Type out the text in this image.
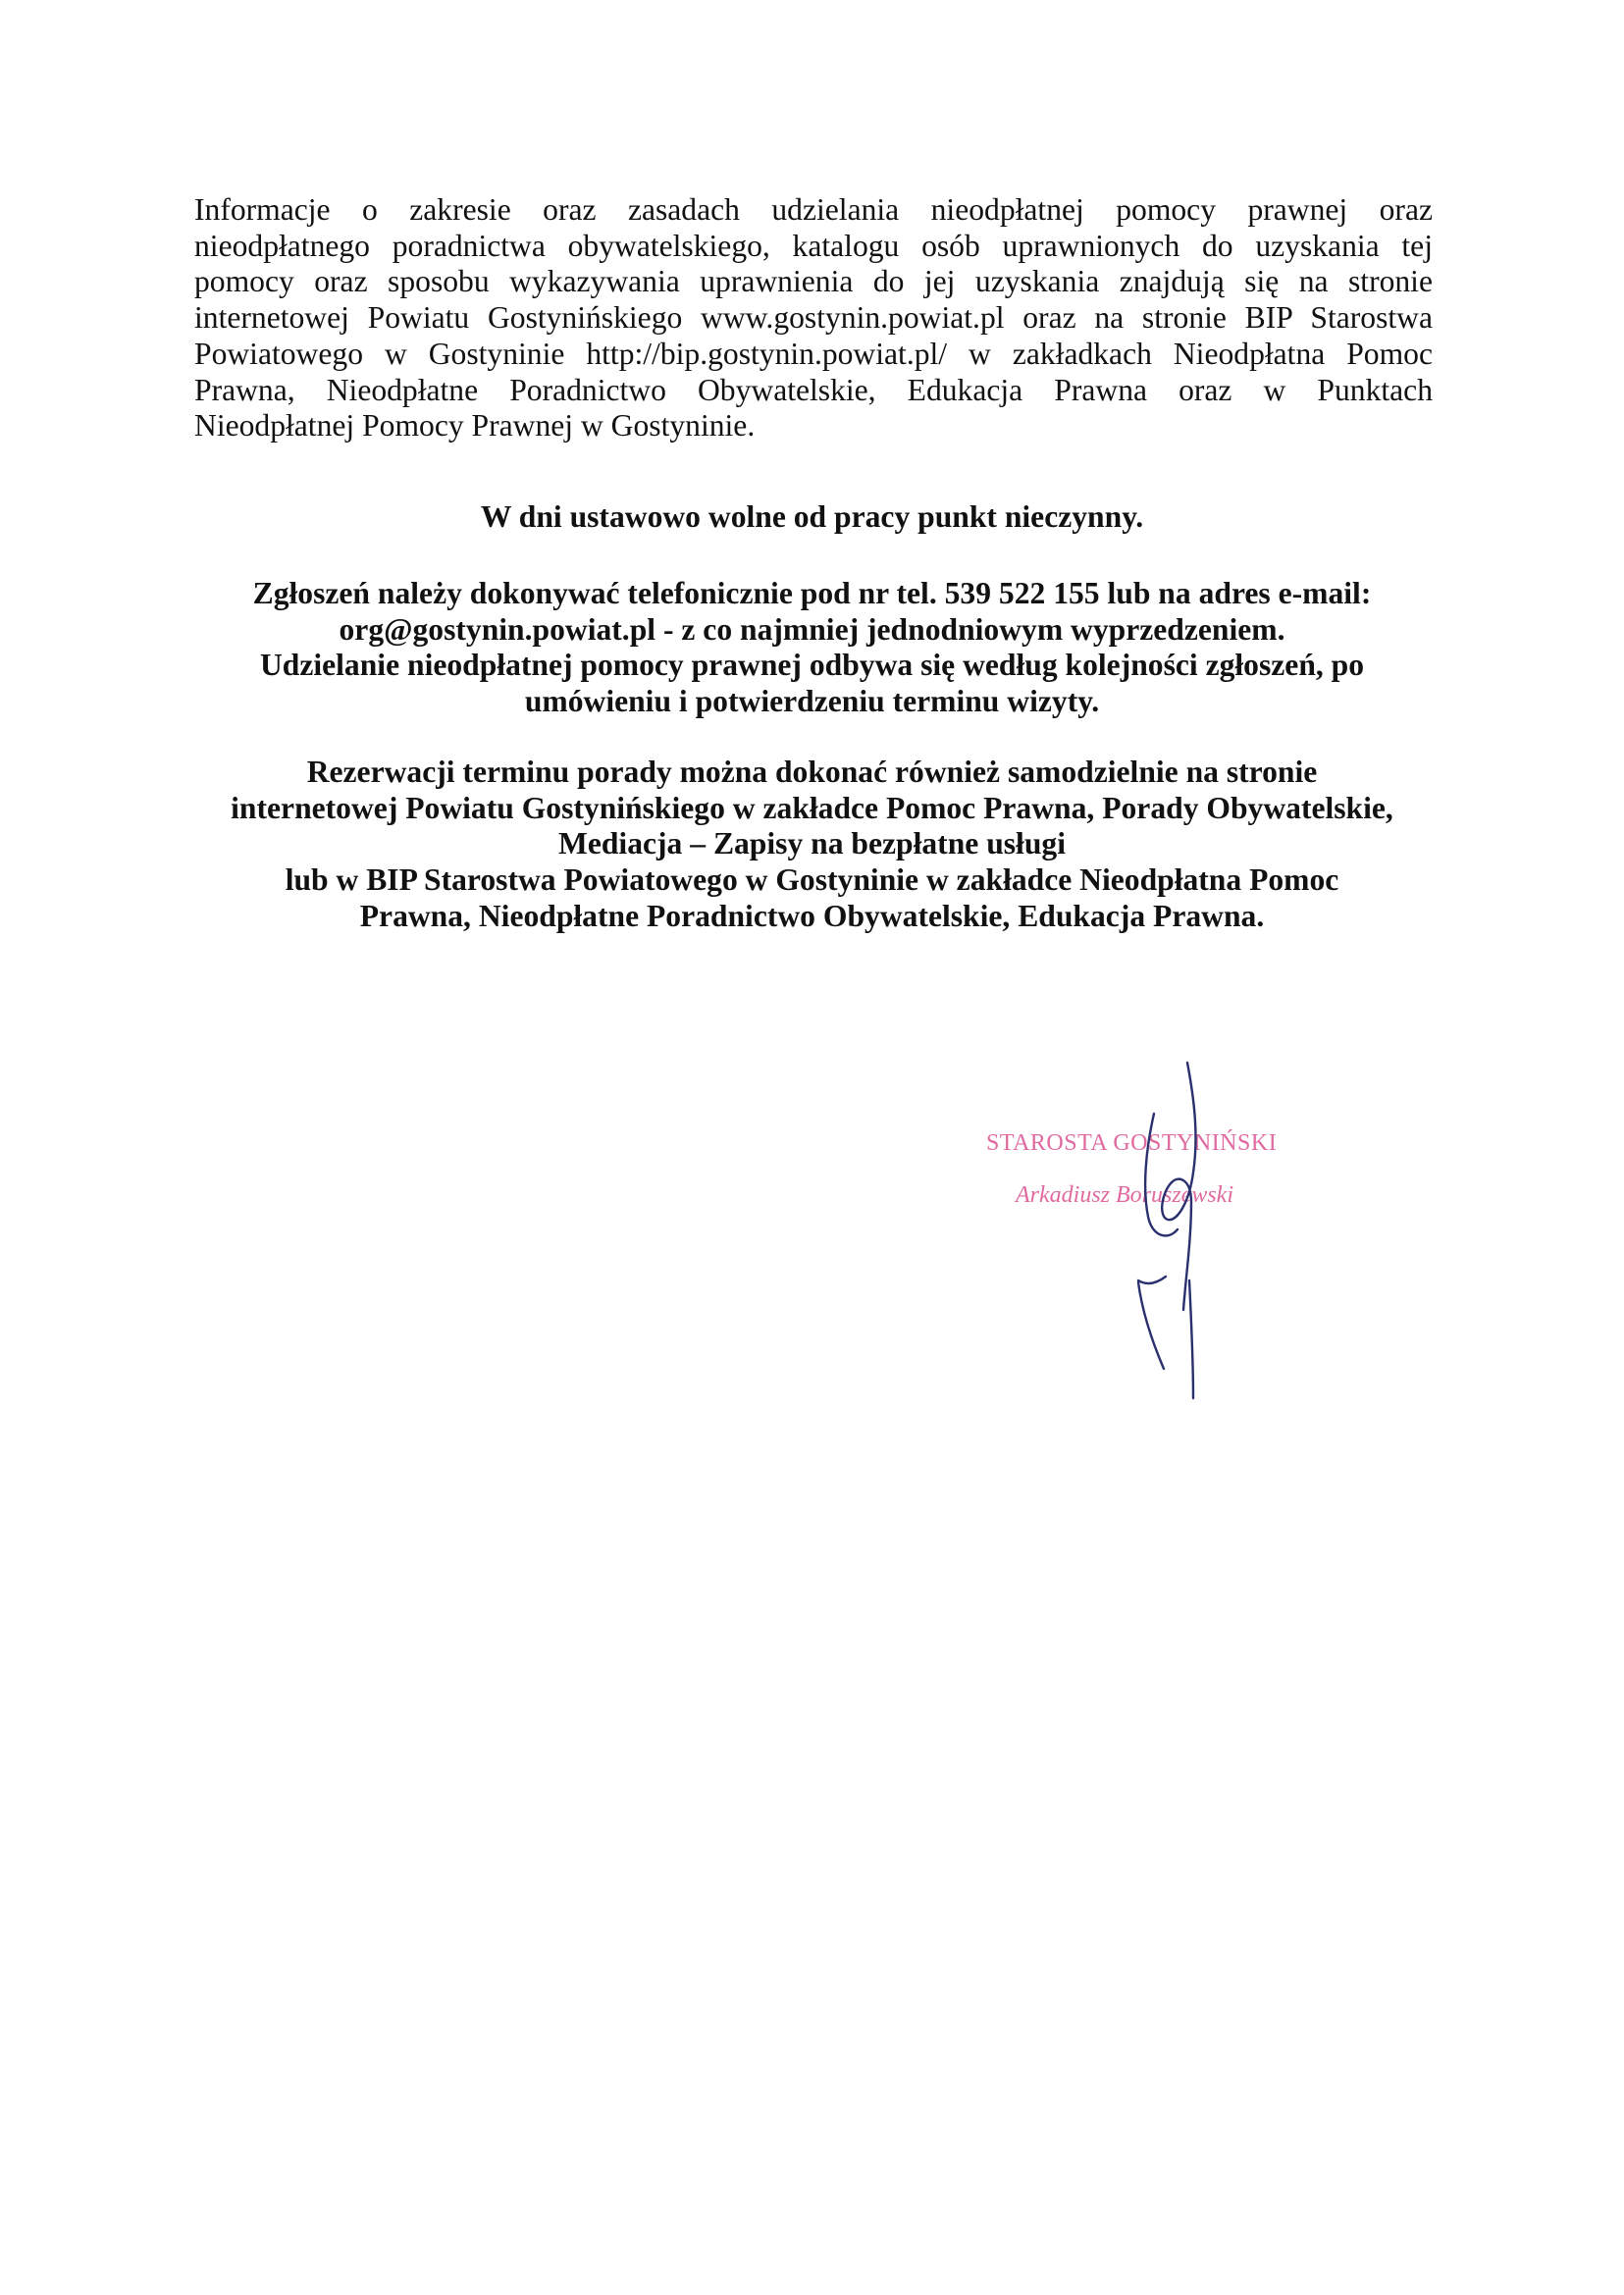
Informacje o zakresie oraz zasadach udzielania nieodpłatnej pomocy prawnej oraz
nieodpłatnego poradnictwa obywatelskiego, katalogu osób uprawnionych do uzyskania tej
pomocy oraz sposobu wykazywania uprawnienia do jej uzyskania znajdują się na stronie
internetowej Powiatu Gostynińskiego www.gostynin.powiat.pl oraz na stronie BIP Starostwa
Powiatowego w Gostyninie http://bip.gostynin.powiat.pl/ w zakładkach Nieodpłatna Pomoc
Prawna, Nieodpłatne Poradnictwo Obywatelskie, Edukacja Prawna oraz w Punktach
Nieodpłatnej Pomocy Prawnej w Gostyninie.

W dni ustawowo wolne od pracy punkt nieczynny.

Zgłoszeń należy dokonywać telefonicznie pod nr tel. 539 522 155 lub na adres e-mail:
org@gostynin.powiat.pl - z co najmniej jednodniowym wyprzedzeniem.
Udzielanie nieodpłatnej pomocy prawnej odbywa się według kolejności zgłoszeń, po
umówieniu i potwierdzeniu terminu wizyty.

Rezerwacji terminu porady można dokonać również samodzielnie na stronie
internetowej Powiatu Gostynińskiego w zakładce Pomoc Prawna, Porady Obywatelskie,
Mediacja – Zapisy na bezpłatne usługi
lub w BIP Starostwa Powiatowego w Gostyninie w zakładce Nieodpłatna Pomoc
Prawna, Nieodpłatne Poradnictwo Obywatelskie, Edukacja Prawna.

STAROSTA GOSTYNIŃSKI
Arkadiusz Boruszewski
